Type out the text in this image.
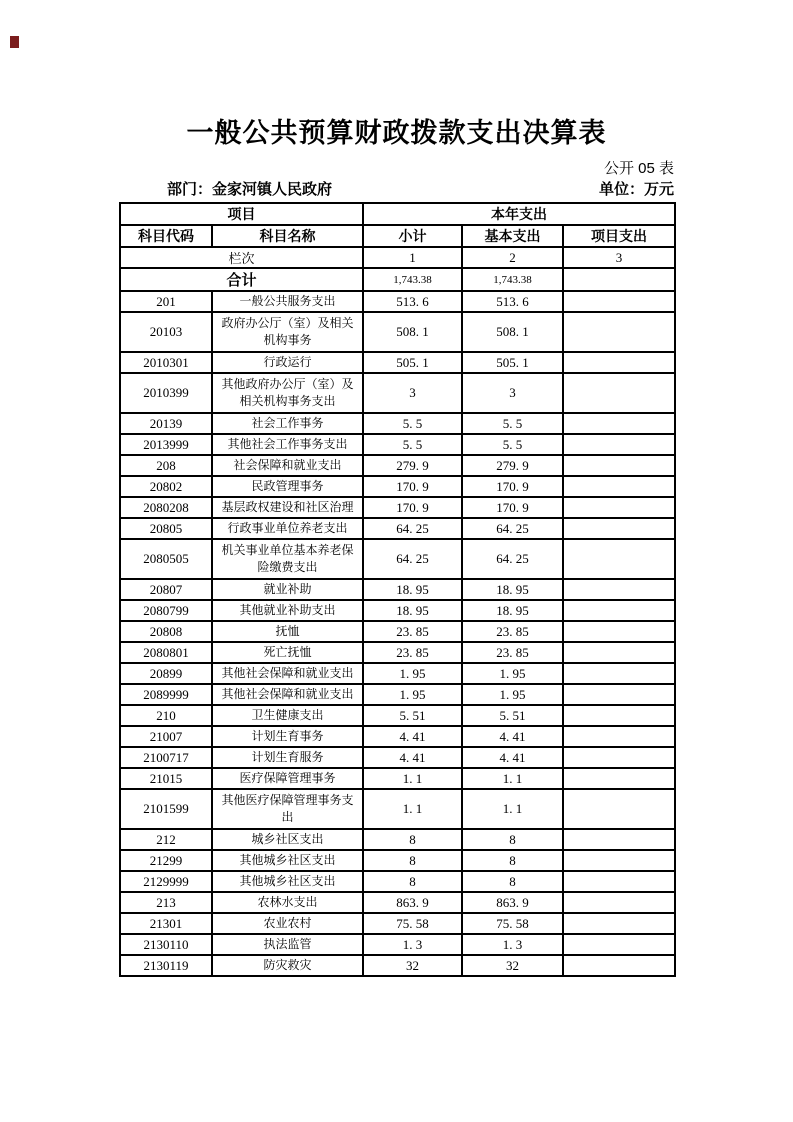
一般公共预算财政拨款支出决算表
公开 05 表
部门：金家河镇人民政府	单位：万元
项目		本年支出		
科目代码	科目名称	小计	基本支出	项目支出
栏次		1	2	3
合计		1,743.38	1,743.38	
201	一般公共服务支出	513. 6	513. 6	
20103	政府办公厅（室）及相关机构事务	508. 1	508. 1	
2010301	行政运行	505. 1	505. 1	
2010399	其他政府办公厅（室）及相关机构事务支出	3	3	
20139	社会工作事务	5. 5	5. 5	
2013999	其他社会工作事务支出	5. 5	5. 5	
208	社会保障和就业支出	279. 9	279. 9	
20802	民政管理事务	170. 9	170. 9	
2080208	基层政权建设和社区治理	170. 9	170. 9	
20805	行政事业单位养老支出	64. 25	64. 25	
2080505	机关事业单位基本养老保险缴费支出	64. 25	64. 25	
20807	就业补助	18. 95	18. 95	
2080799	其他就业补助支出	18. 95	18. 95	
20808	抚恤	23. 85	23. 85	
2080801	死亡抚恤	23. 85	23. 85	
20899	其他社会保障和就业支出	1. 95	1. 95	
2089999	其他社会保障和就业支出	1. 95	1. 95	
210	卫生健康支出	5. 51	5. 51	
21007	计划生育事务	4. 41	4. 41	
2100717	计划生育服务	4. 41	4. 41	
21015	医疗保障管理事务	1. 1	1. 1	
2101599	其他医疗保障管理事务支出	1. 1	1. 1	
212	城乡社区支出	8	8	
21299	其他城乡社区支出	8	8	
2129999	其他城乡社区支出	8	8	
213	农林水支出	863. 9	863. 9	
21301	农业农村	75. 58	75. 58	
2130110	执法监管	1. 3	1. 3	
2130119	防灾救灾	32	32	
